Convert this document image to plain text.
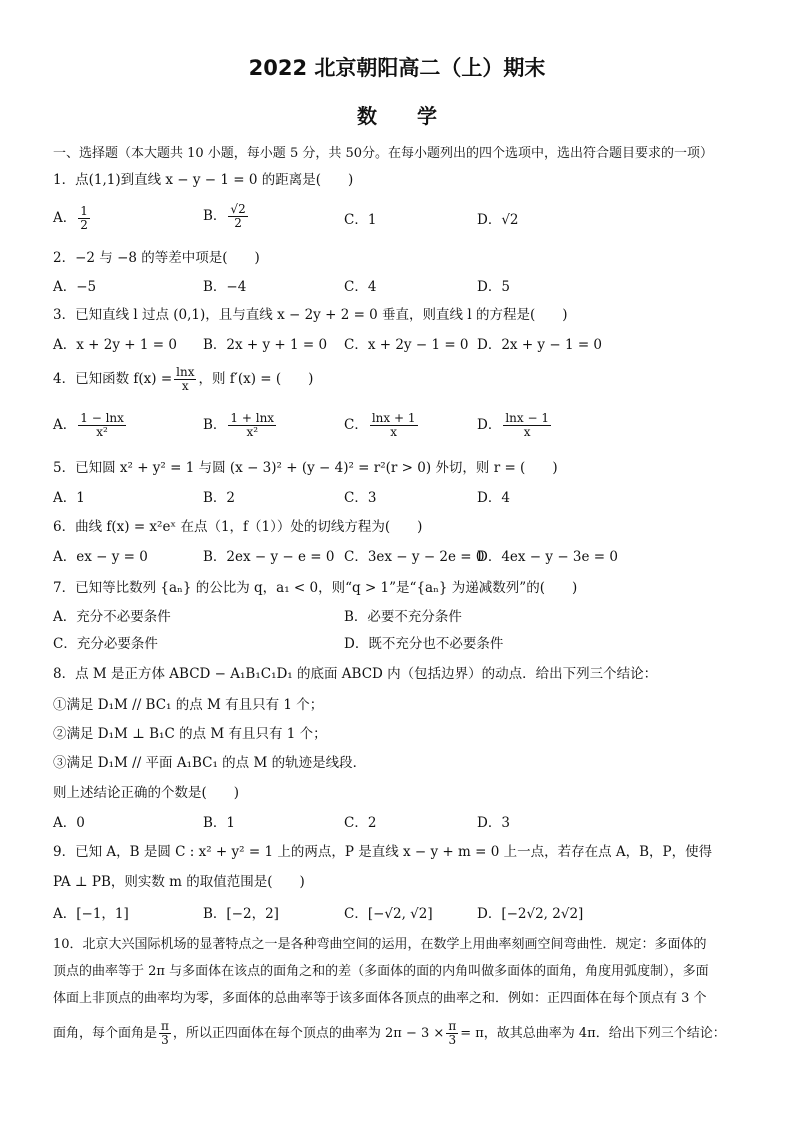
2022 北京朝阳高二（上）期末
数　　学
一、选择题（本大题共 10 小题，每小题 5 分，共 50分。在每小题列出的四个选项中，选出符合题目要求的一项）
1．点(1,1)到直线 x − y − 1 = 0 的距离是(　　)
A． $\frac{1}{2}$	B． $\frac{√2}{2}$	C．1	D．√2
2．−2 与 −8 的等差中项是(　　)
A．−5	B．−4	C．4	D．5
3．已知直线 l 过点 (0,1)，且与直线 x − 2y + 2 = 0 垂直，则直线 l 的方程是(　　)
A．x + 2y + 1 = 0 B．2x + y + 1 = 0 C．x + 2y − 1 = 0 D．2x + y − 1 = 0
4．已知函数 $f(x) = \frac{\ln x}{x}$ ，则 f′(x) = (　　)
A． $\frac{1 - \ln x}{\text{x²}}$	B． $\frac{1 + \ln x}{\text{x²}}$	C． $\frac{\ln x + 1}{x}$	D． $\frac{\ln x - 1}{x}$
5．已知圆 x² + y² = 1 与圆 (x − 3)² + (y − 4)² = r²(r > 0) 外切，则 r = (　　)
A．1	B．2	C．3	D．4
6．曲线 f(x) = x²eˣ 在点（1，f（1））处的切线方程为(　　)
A．ex − y = 0	B．2ex − y − e = 0 C．3ex − y − 2e = 0
D．4ex − y − 3e = 0
7．已知等比数列 {aₙ} 的公比为 q，a₁ < 0，则“q > 1”是“{aₙ} 为递减数列”的(　　)
A．充分不必要条件	B．必要不充分条件
C．充分必要条件	D．既不充分也不必要条件
8．点 M 是正方体 ABCD − A₁B₁C₁D₁ 的底面 ABCD 内（包括边界）的动点．给出下列三个结论：
①满足 D₁M // BC₁ 的点 M 有且只有 1 个；
②满足 D₁M ⊥ B₁C 的点 M 有且只有 1 个；
③满足 D₁M // 平面 A₁BC₁ 的点 M 的轨迹是线段．
则上述结论正确的个数是(　　)
A．0	B．1	C．2	D．3
9．已知 A，B 是圆 C : x² + y² = 1 上的两点，P 是直线 x − y + m = 0 上一点，若存在点 A，B，P，使得
PA ⊥ PB，则实数 m 的取值范围是(　　)
A．[−1，1]	B．[−2，2]	C．[−√2, √2]	D．[−2√2, 2√2]
10．北京大兴国际机场的显著特点之一是各种弯曲空间的运用，在数学上用曲率刻画空间弯曲性．规定：多面体的
顶点的曲率等于 2π 与多面体在该点的面角之和的差（多面体的面的内角叫做多面体的面角，角度用弧度制），多面
体面上非顶点的曲率均为零，多面体的总曲率等于该多面体各顶点的曲率之和．例如：正四面体在每个顶点有 3 个
面角，每个面角是 $\frac{\pi}{3}$ ，所以正四面体在每个顶点的曲率为 $2\pi - 3 \times \frac{\pi}{3} = \pi$，故其总曲率为 4π．给出下列三个结论：
